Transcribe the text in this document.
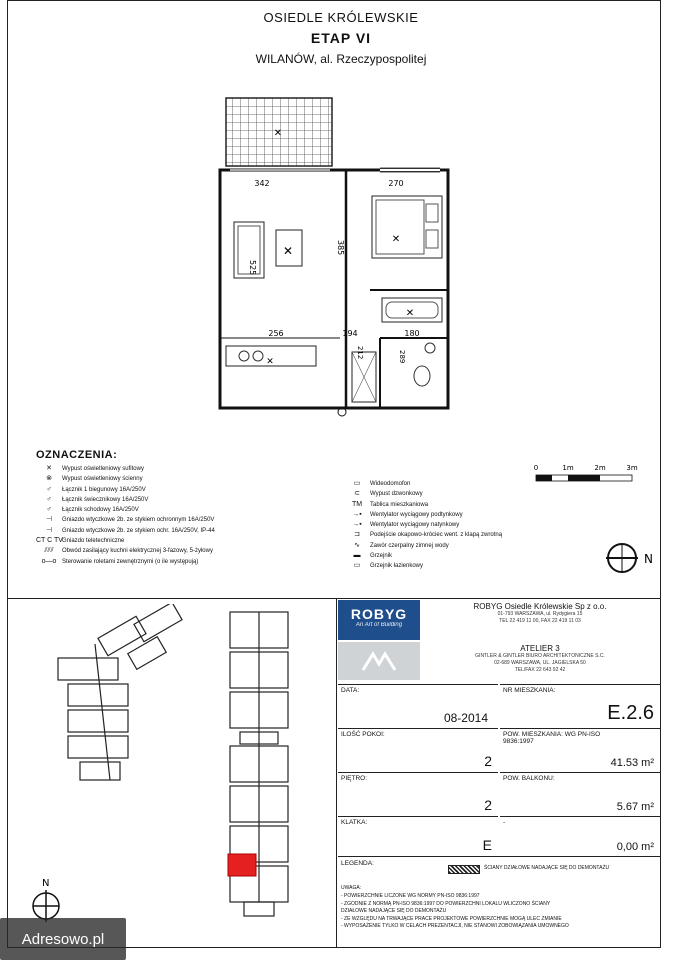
OSIEDLE KRÓLEWSKIE
ETAP VI
WILANÓW, al. Rzeczypospolitej
✕
✕
✕
✕
✕
342	270
385
525
256	194	180
212	289
OZNACZENIA:
✕	Wypust oświetleniowy sufitowy
⊗	Wypust oświetleniowy ścienny
♂	Łącznik 1 biegunowy 16A/250V
♂	Łącznik świecznikowy 16A/250V
♂	Łącznik schodowy 16A/250V
⊣	Gniazdo wtyczkowe 2b. ze stykiem ochronnym 16A/250V
⊣	Gniazdo wtyczkowe 2b. ze stykiem ochr. 16A/250V, IP-44
CT C TV Gniazdo teletechniczne
⫽⫽⫽	Obwód zasilający kuchni elektrycznej 3-fazowy, 5-żyłowy
o—o Sterowanie roletami zewnętrznymi (o ile występują)
▭	Wideodomofon
⊂	Wypust dzwonkowy
TM	Tablica mieszkaniowa
→▪	Wentylator wyciągowy podtynkowy
→▪	Wentylator wyciągowy natynkowy
⊐	Podejście okapowo-króciec went. z klapą zwrotną
∿	Zawór czerpalny zimnej wody
▬	Grzejnik
▭	Grzejnik łazienkowy
0	1m	2m	3m
N
N
ROBYG
An Art of Building
ROBYG Osiedle Królewskie Sp z o.o.
01-793 WARSZAWA, ul. Rydygiera 15
TEL 22 419 11 00, FAX 22 419 11 03
ATELIER 3
GINTLER & GINTLER BIURO ARCHITEKTONICZNE S.C.
02-689 WARSZAWA, UL. JAGIELSKA 50
TEL/FAX 22 643 92 42
DATA:
08-2014
NR MIESZKANIA:
E.2.6
ILOŚĆ POKOI:
2
POW. MIESZKANIA: WG PN-ISO 9836:1997
41.53 m²
PIĘTRO:
2
POW. BALKONU:
5.67 m²
KLATKA:
E
-
0,00 m²
LEGENDA:
ŚCIANY DZIAŁOWE NADAJĄCE SIĘ DO DEMONTAŻU
UWAGA:
- POWIERZCHNIE LICZONE WG NORMY PN-ISO 9836:1997
- ZGODNIE Z NORMĄ PN-ISO 9836:1997 DO POWIERZCHNI LOKALU WLICZONO ŚCIANY
DZIAŁOWE NADAJĄCE SIĘ DO DEMONTAŻU
- ZE WZGLĘDU NA TRWAJĄCE PRACE PROJEKTOWE POWIERZCHNIE MOGĄ ULEC ZMIANIE
- WYPOSAŻENIE TYLKO W CELACH PREZENTACJI, NIE STANOWI ZOBOWIĄZANIA UMOWNEGO
Adresowo.pl
